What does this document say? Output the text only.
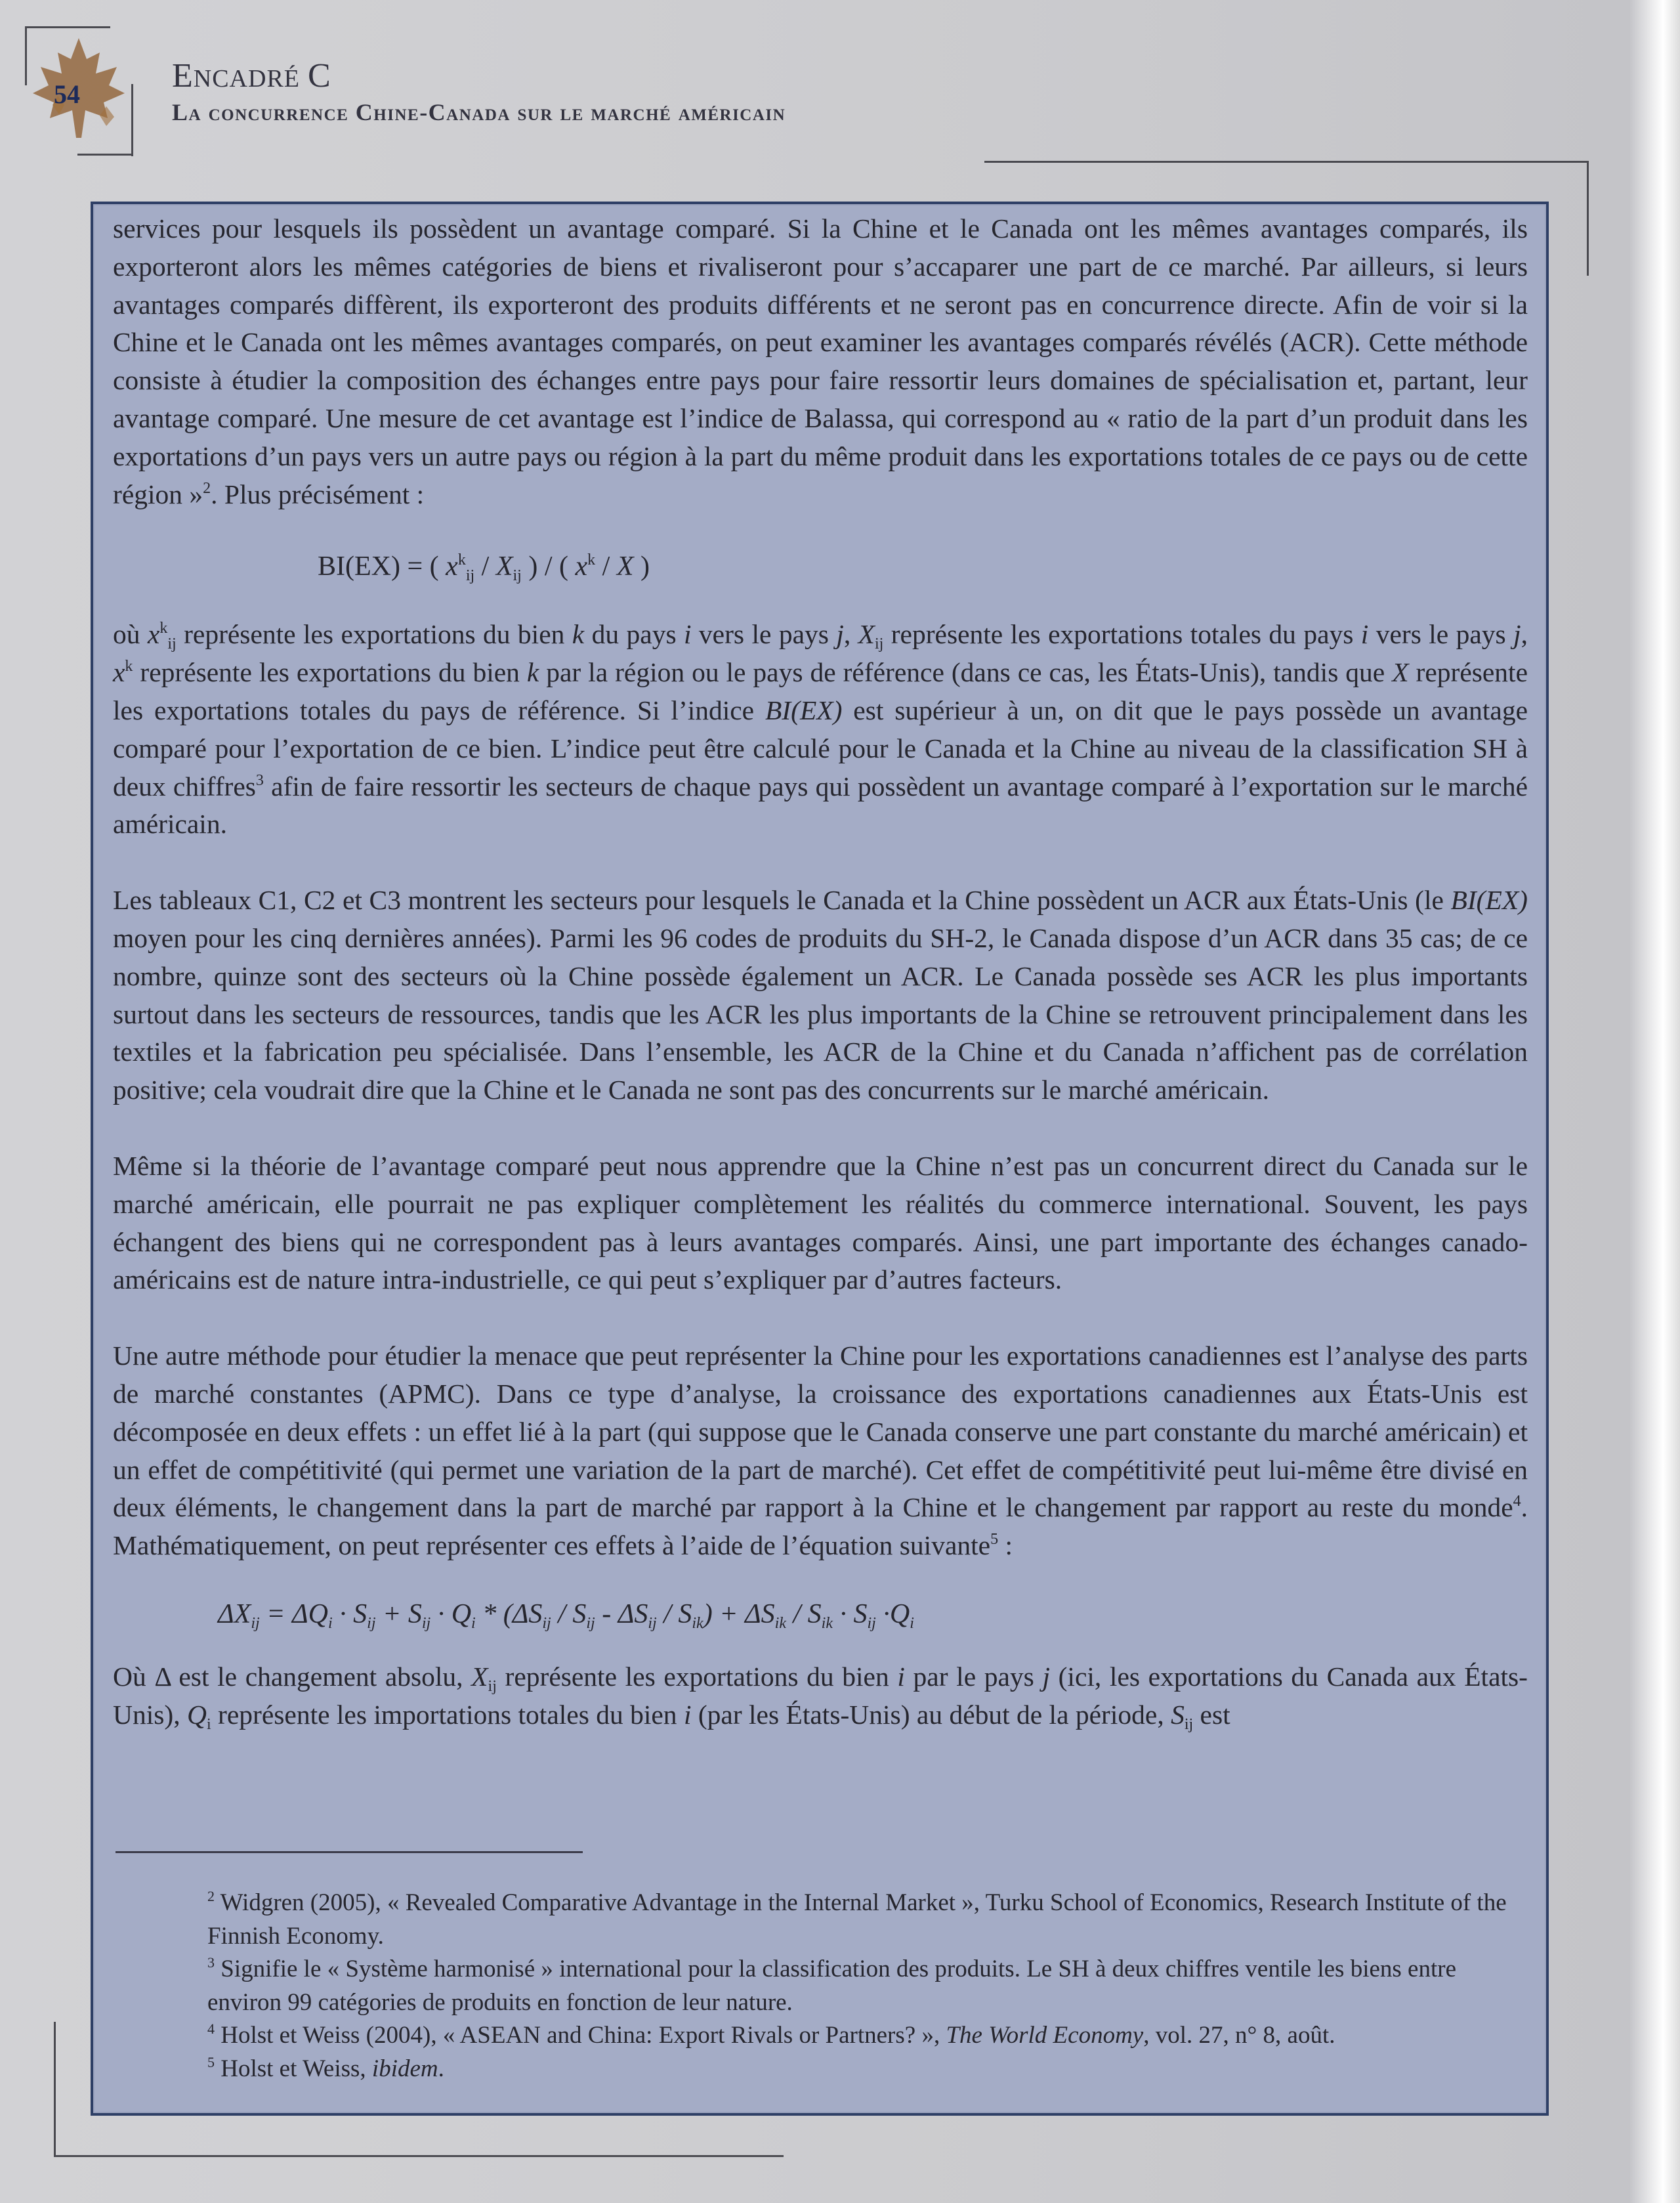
54	ENCADRÉ C
La concurrence Chine-Canada sur le marché américain

services pour lesquels ils possèdent un avantage comparé. Si la Chine et le Canada ont les mêmes avantages comparés, ils exporteront alors les mêmes catégories de biens et rivaliseront pour s’accaparer une part de ce marché. Par ailleurs, si leurs avantages comparés diffèrent, ils exporteront des produits différents et ne seront pas en concurrence directe. Afin de voir si la Chine et le Canada ont les mêmes avantages comparés, on peut examiner les avantages comparés révélés (ACR). Cette méthode consiste à étudier la composition des échanges entre pays pour faire ressortir leurs domaines de spécialisation et, partant, leur avantage comparé. Une mesure de cet avantage est l’indice de Balassa, qui correspond au « ratio de la part d’un produit dans les exportations d’un pays vers un autre pays ou région à la part du même produit dans les exportations totales de ce pays ou de cette région »$^2$. Plus précisément :

BI(EX) = ( $x^k_{ij} / X_{ij}$ ) / ( $x^k$ / X )

où $x^k_{ij}$ représente les exportations du bien k du pays i vers le pays j, $X_{ij}$ représente les exportations totales du pays i vers le pays j, $x^k$ représente les exportations du bien k par la région ou le pays de référence (dans ce cas, les États-Unis), tandis que X représente les exportations totales du pays de référence. Si l’indice BI(EX) est supérieur à un, on dit que le pays possède un avantage comparé pour l’exportation de ce bien. L’indice peut être calculé pour le Canada et la Chine au niveau de la classification SH à deux chiffres$^3$ afin de faire ressortir les secteurs de chaque pays qui possèdent un avantage comparé à l’exportation sur le marché américain.

Les tableaux C1, C2 et C3 montrent les secteurs pour lesquels le Canada et la Chine possèdent un ACR aux États-Unis (le BI(EX) moyen pour les cinq dernières années). Parmi les 96 codes de produits du SH-2, le Canada dispose d’un ACR dans 35 cas; de ce nombre, quinze sont des secteurs où la Chine possède également un ACR. Le Canada possède ses ACR les plus importants surtout dans les secteurs de ressources, tandis que les ACR les plus importants de la Chine se retrouvent principalement dans les textiles et la fabrication peu spécialisée. Dans l’ensemble, les ACR de la Chine et du Canada n’affichent pas de corrélation positive; cela voudrait dire que la Chine et le Canada ne sont pas des concurrents sur le marché américain.

Même si la théorie de l’avantage comparé peut nous apprendre que la Chine n’est pas un concurrent direct du Canada sur le marché américain, elle pourrait ne pas expliquer complètement les réalités du commerce international. Souvent, les pays échangent des biens qui ne correspondent pas à leurs avantages comparés. Ainsi, une part importante des échanges canado-américains est de nature intra-industrielle, ce qui peut s’expliquer par d’autres facteurs.

Une autre méthode pour étudier la menace que peut représenter la Chine pour les exportations canadiennes est l’analyse des parts de marché constantes (APMC). Dans ce type d’analyse, la croissance des exportations canadiennes aux États-Unis est décomposée en deux effets : un effet lié à la part (qui suppose que le Canada conserve une part constante du marché américain) et un effet de compétitivité (qui permet une variation de la part de marché). Cet effet de compétitivité peut lui-même être divisé en deux éléments, le changement dans la part de marché par rapport à la Chine et le changement par rapport au reste du monde$^4$. Mathématiquement, on peut représenter ces effets à l’aide de l’équation suivante$^5$ :

$\Delta X_{ij} = \Delta Q_i \cdot S_{ij} + S_{ij} \cdot Q_i * (\Delta S_{ij} / S_{ij} - \Delta S_{ij} / S_{ik}) + \Delta S_{ik} / S_{ik} \cdot S_{ij} \cdot Q_i$

Où Δ est le changement absolu, $X_{ij}$ représente les exportations du bien i par le pays j (ici, les exportations du Canada aux États-Unis), $Q_i$ représente les importations totales du bien i (par les États-Unis) au début de la période, $S_{ij}$ est

$^2$ Widgren (2005), « Revealed Comparative Advantage in the Internal Market », Turku School of Economics, Research Institute of the Finnish Economy.

$^3$ Signifie le « Système harmonisé » international pour la classification des produits. Le SH à deux chiffres ventile les biens entre environ 99 catégories de produits en fonction de leur nature.

$^4$ Holst et Weiss (2004), « ASEAN and China: Export Rivals or Partners? », The World Economy, vol. 27, n° 8, août.

$^5$ Holst et Weiss, ibidem.
